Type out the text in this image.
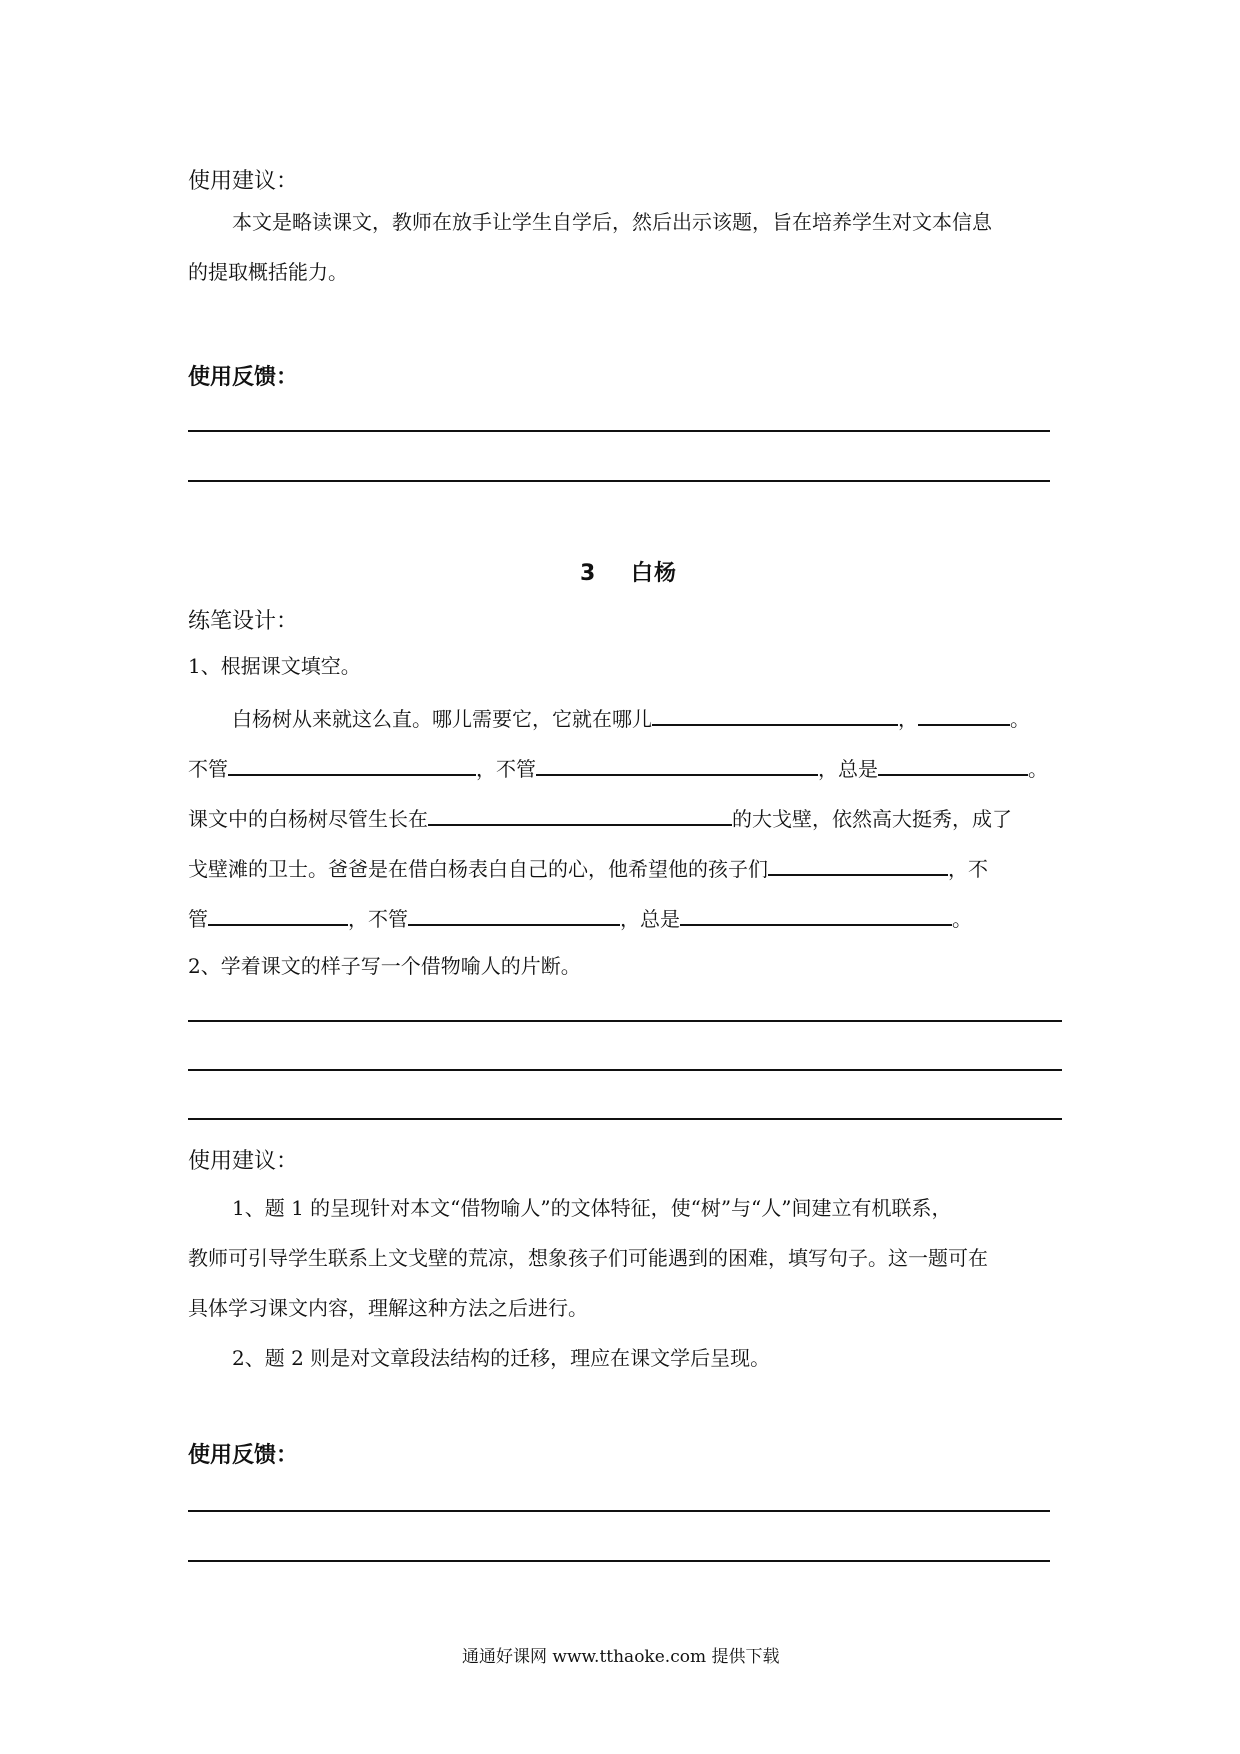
使用建议：
本文是略读课文，教师在放手让学生自学后，然后出示该题，旨在培养学生对文本信息
的提取概括能力。
使用反馈：
3 白杨
练笔设计：
1、根据课文填空。
白杨树从来就这么直。哪儿需要它，它就在哪儿	，	。
不管	，不管	，总是	。
课文中的白杨树尽管生长在	的大戈壁，依然高大挺秀，成了
戈壁滩的卫士。爸爸是在借白杨表白自己的心，他希望他的孩子们	，不
管	，不管	，总是	。
2、学着课文的样子写一个借物喻人的片断。
使用建议：
1、题 1 的呈现针对本文“借物喻人”的文体特征，使“树”与“人”间建立有机联系，
教师可引导学生联系上文戈壁的荒凉，想象孩子们可能遇到的困难，填写句子。这一题可在
具体学习课文内容，理解这种方法之后进行。
2、题 2 则是对文章段法结构的迁移，理应在课文学后呈现。
使用反馈：
通通好课网 www.tthaoke.com 提供下载
